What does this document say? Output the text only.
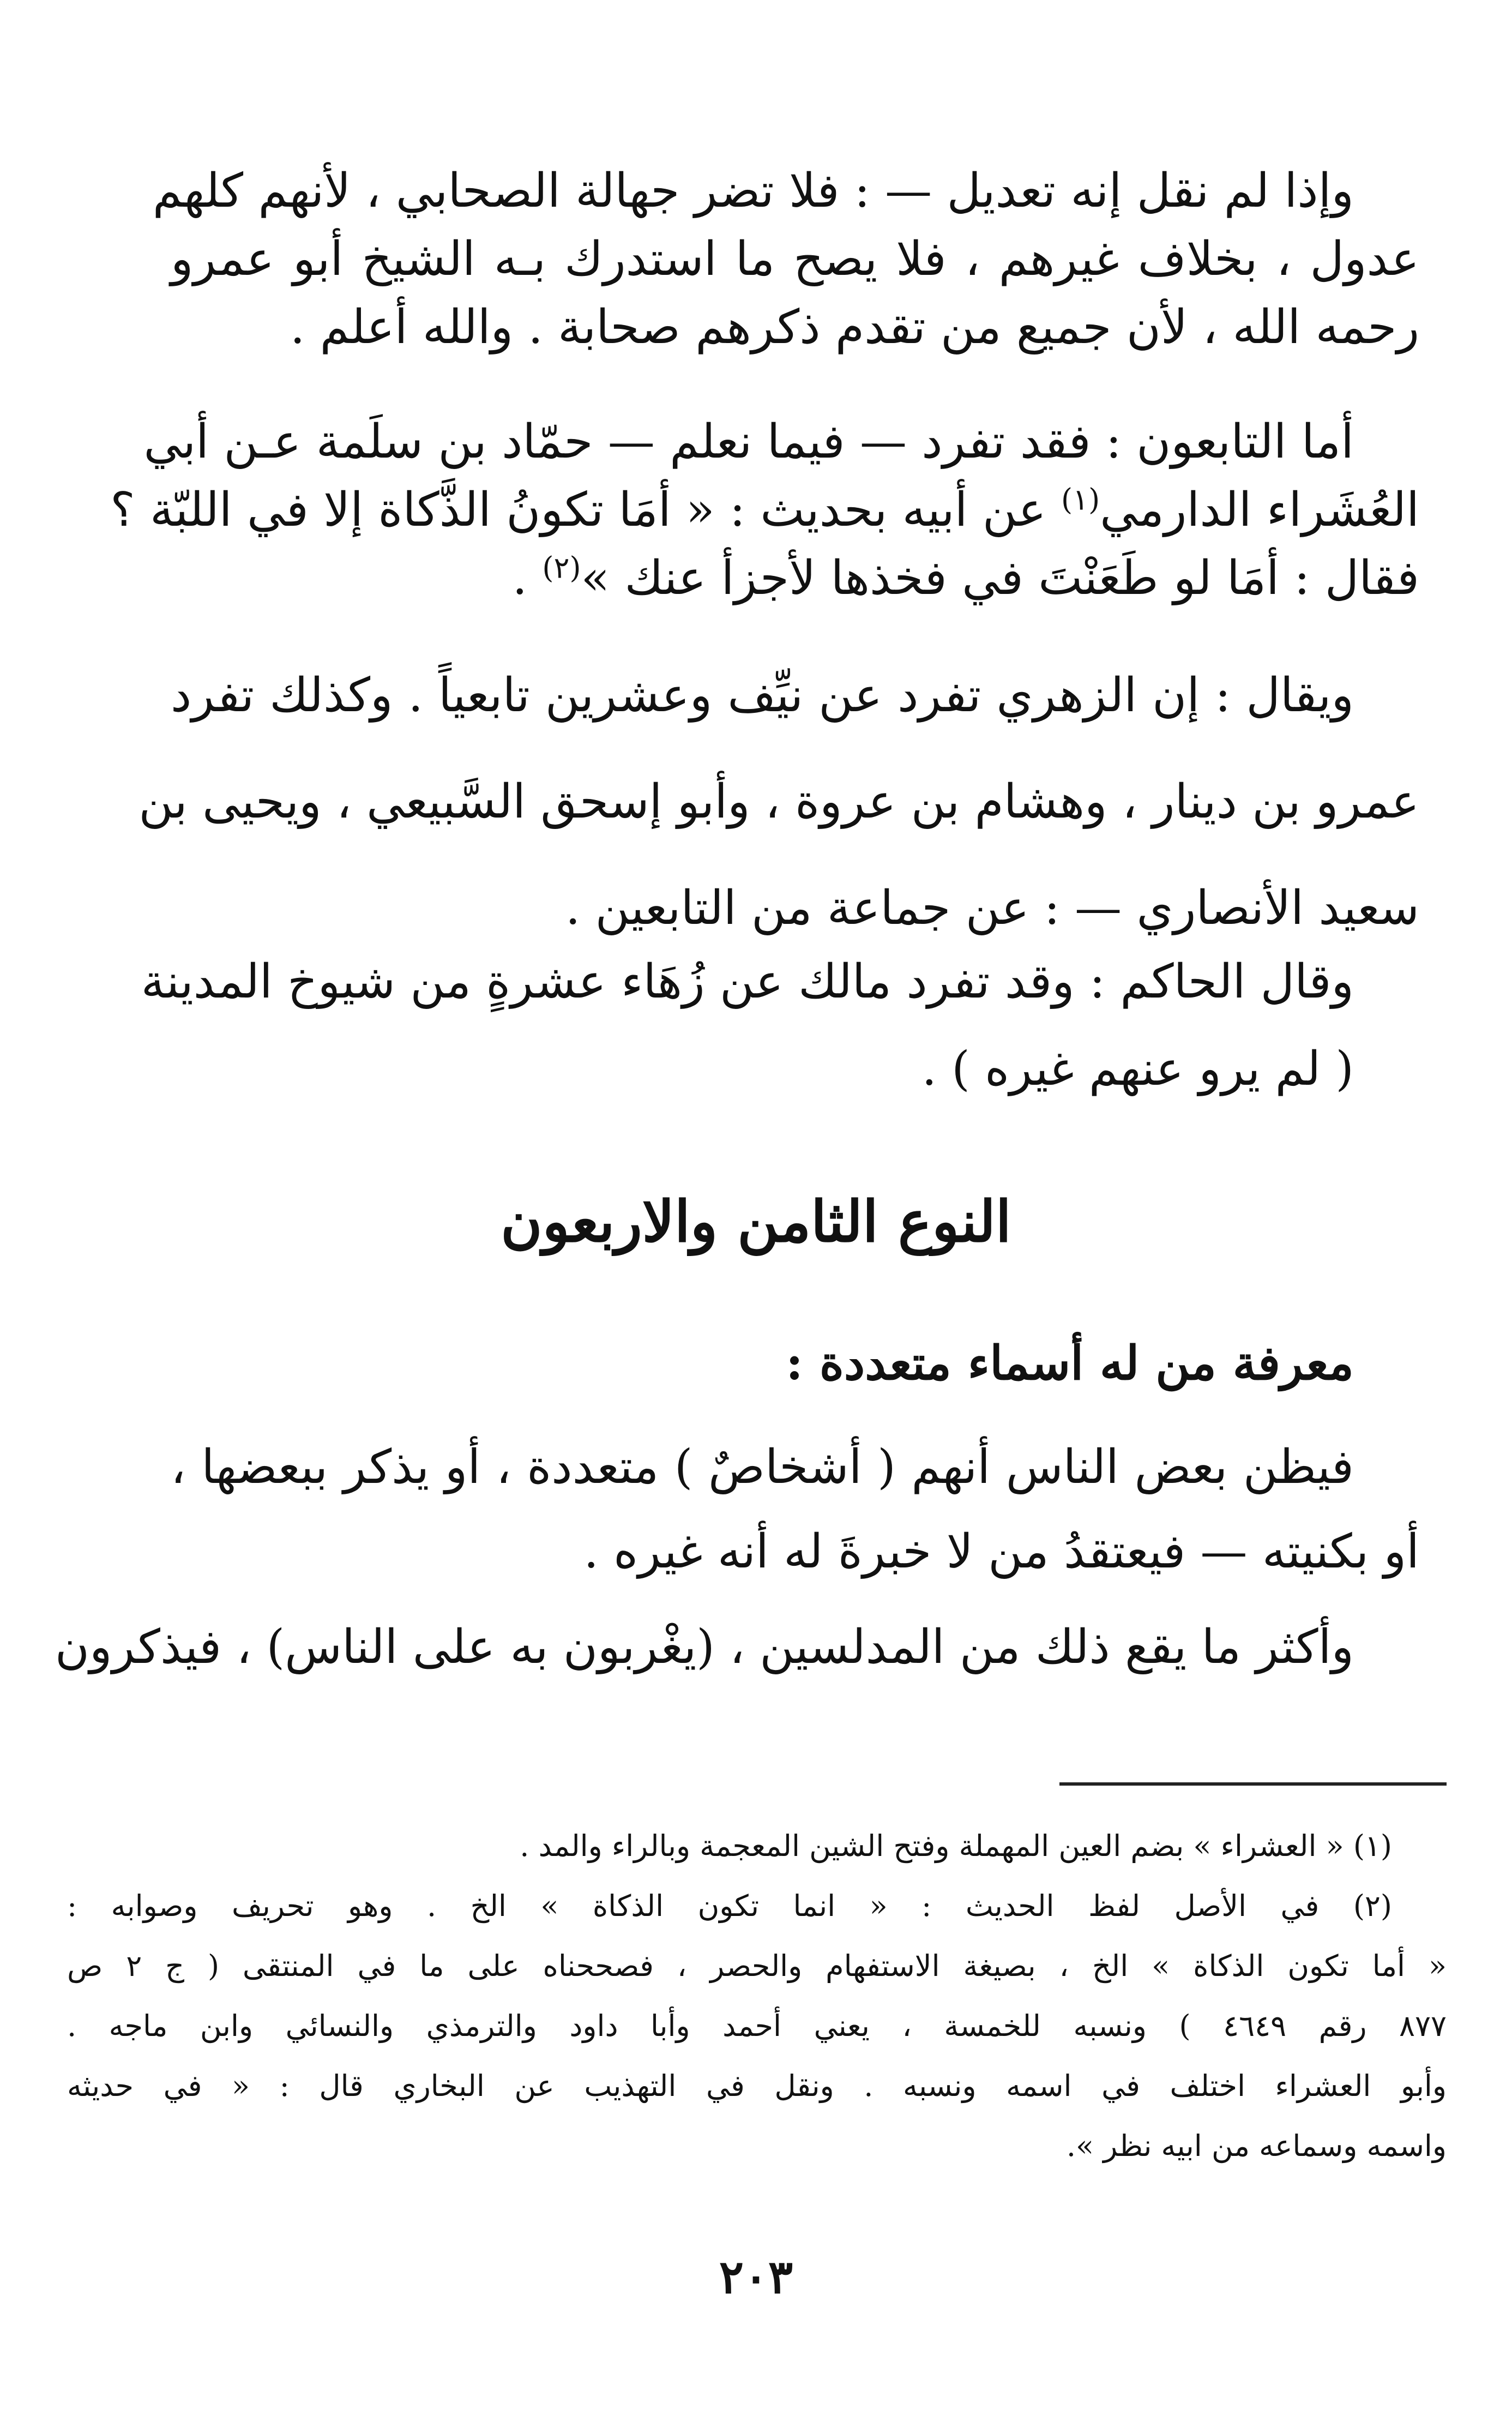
وإذا لم نقل إنه تعديل — : فلا تضر جهالة الصحابي ، لأنهم كلهم
عدول ، بخلاف غيرهم ، فلا يصح ما استدرك بـه الشيخ أبو عمرو
رحمه الله ، لأن جميع من تقدم ذكرهم صحابة . والله أعلم .
أما التابعون : فقد تفرد — فيما نعلم — حمّاد بن سلَمة عـن أبي
العُشَراء الدارمي$^{(١)}$ عن أبيه بحديث : « أمَا تكونُ الذَّكاة إلا في اللبّة ؟
فقال : أمَا لو طَعَنْتَ في فخذها لأجزأ عنك »$^{(٢)}$ .
ويقال : إن الزهري تفرد عن نيِّف وعشرين تابعياً . وكذلك تفرد
عمرو بن دينار ، وهشام بن عروة ، وأبو إسحق السَّبيعي ، ويحيى بن
سعيد الأنصاري — : عن جماعة من التابعين .
وقال الحاكم : وقد تفرد مالك عن زُهَاء عشرةٍ من شيوخ المدينة
( لم يرو عنهم غيره ) .
النوع الثامن والاربعون
معرفة من له أسماء متعددة :
فيظن بعض الناس أنهم ( أشخاصٌ ) متعددة ، أو يذكر ببعضها ،
أو بكنيته — فيعتقدُ من لا خبرةَ له أنه غيره .
وأكثر ما يقع ذلك من المدلسين ، (يغْربون به على الناس) ، فيذكرون
(١) « العشراء » بضم العين المهملة وفتح الشين المعجمة وبالراء والمد .
(٢) في الأصل لفظ الحديث : « انما تكون الذكاة » الخ . وهو تحريف وصوابه :
« أما تكون الذكاة » الخ ، بصيغة الاستفهام والحصر ، فصححناه على ما في المنتقى ( ج ٢ ص
٨٧٧ رقم ٤٦٤٩ ) ونسبه للخمسة ، يعني أحمد وأبا داود والترمذي والنسائي وابن ماجه .
وأبو العشراء اختلف في اسمه ونسبه . ونقل في التهذيب عن البخاري قال : « في حديثه
واسمه وسماعه من ابيه نظر ».
٢٠٣
